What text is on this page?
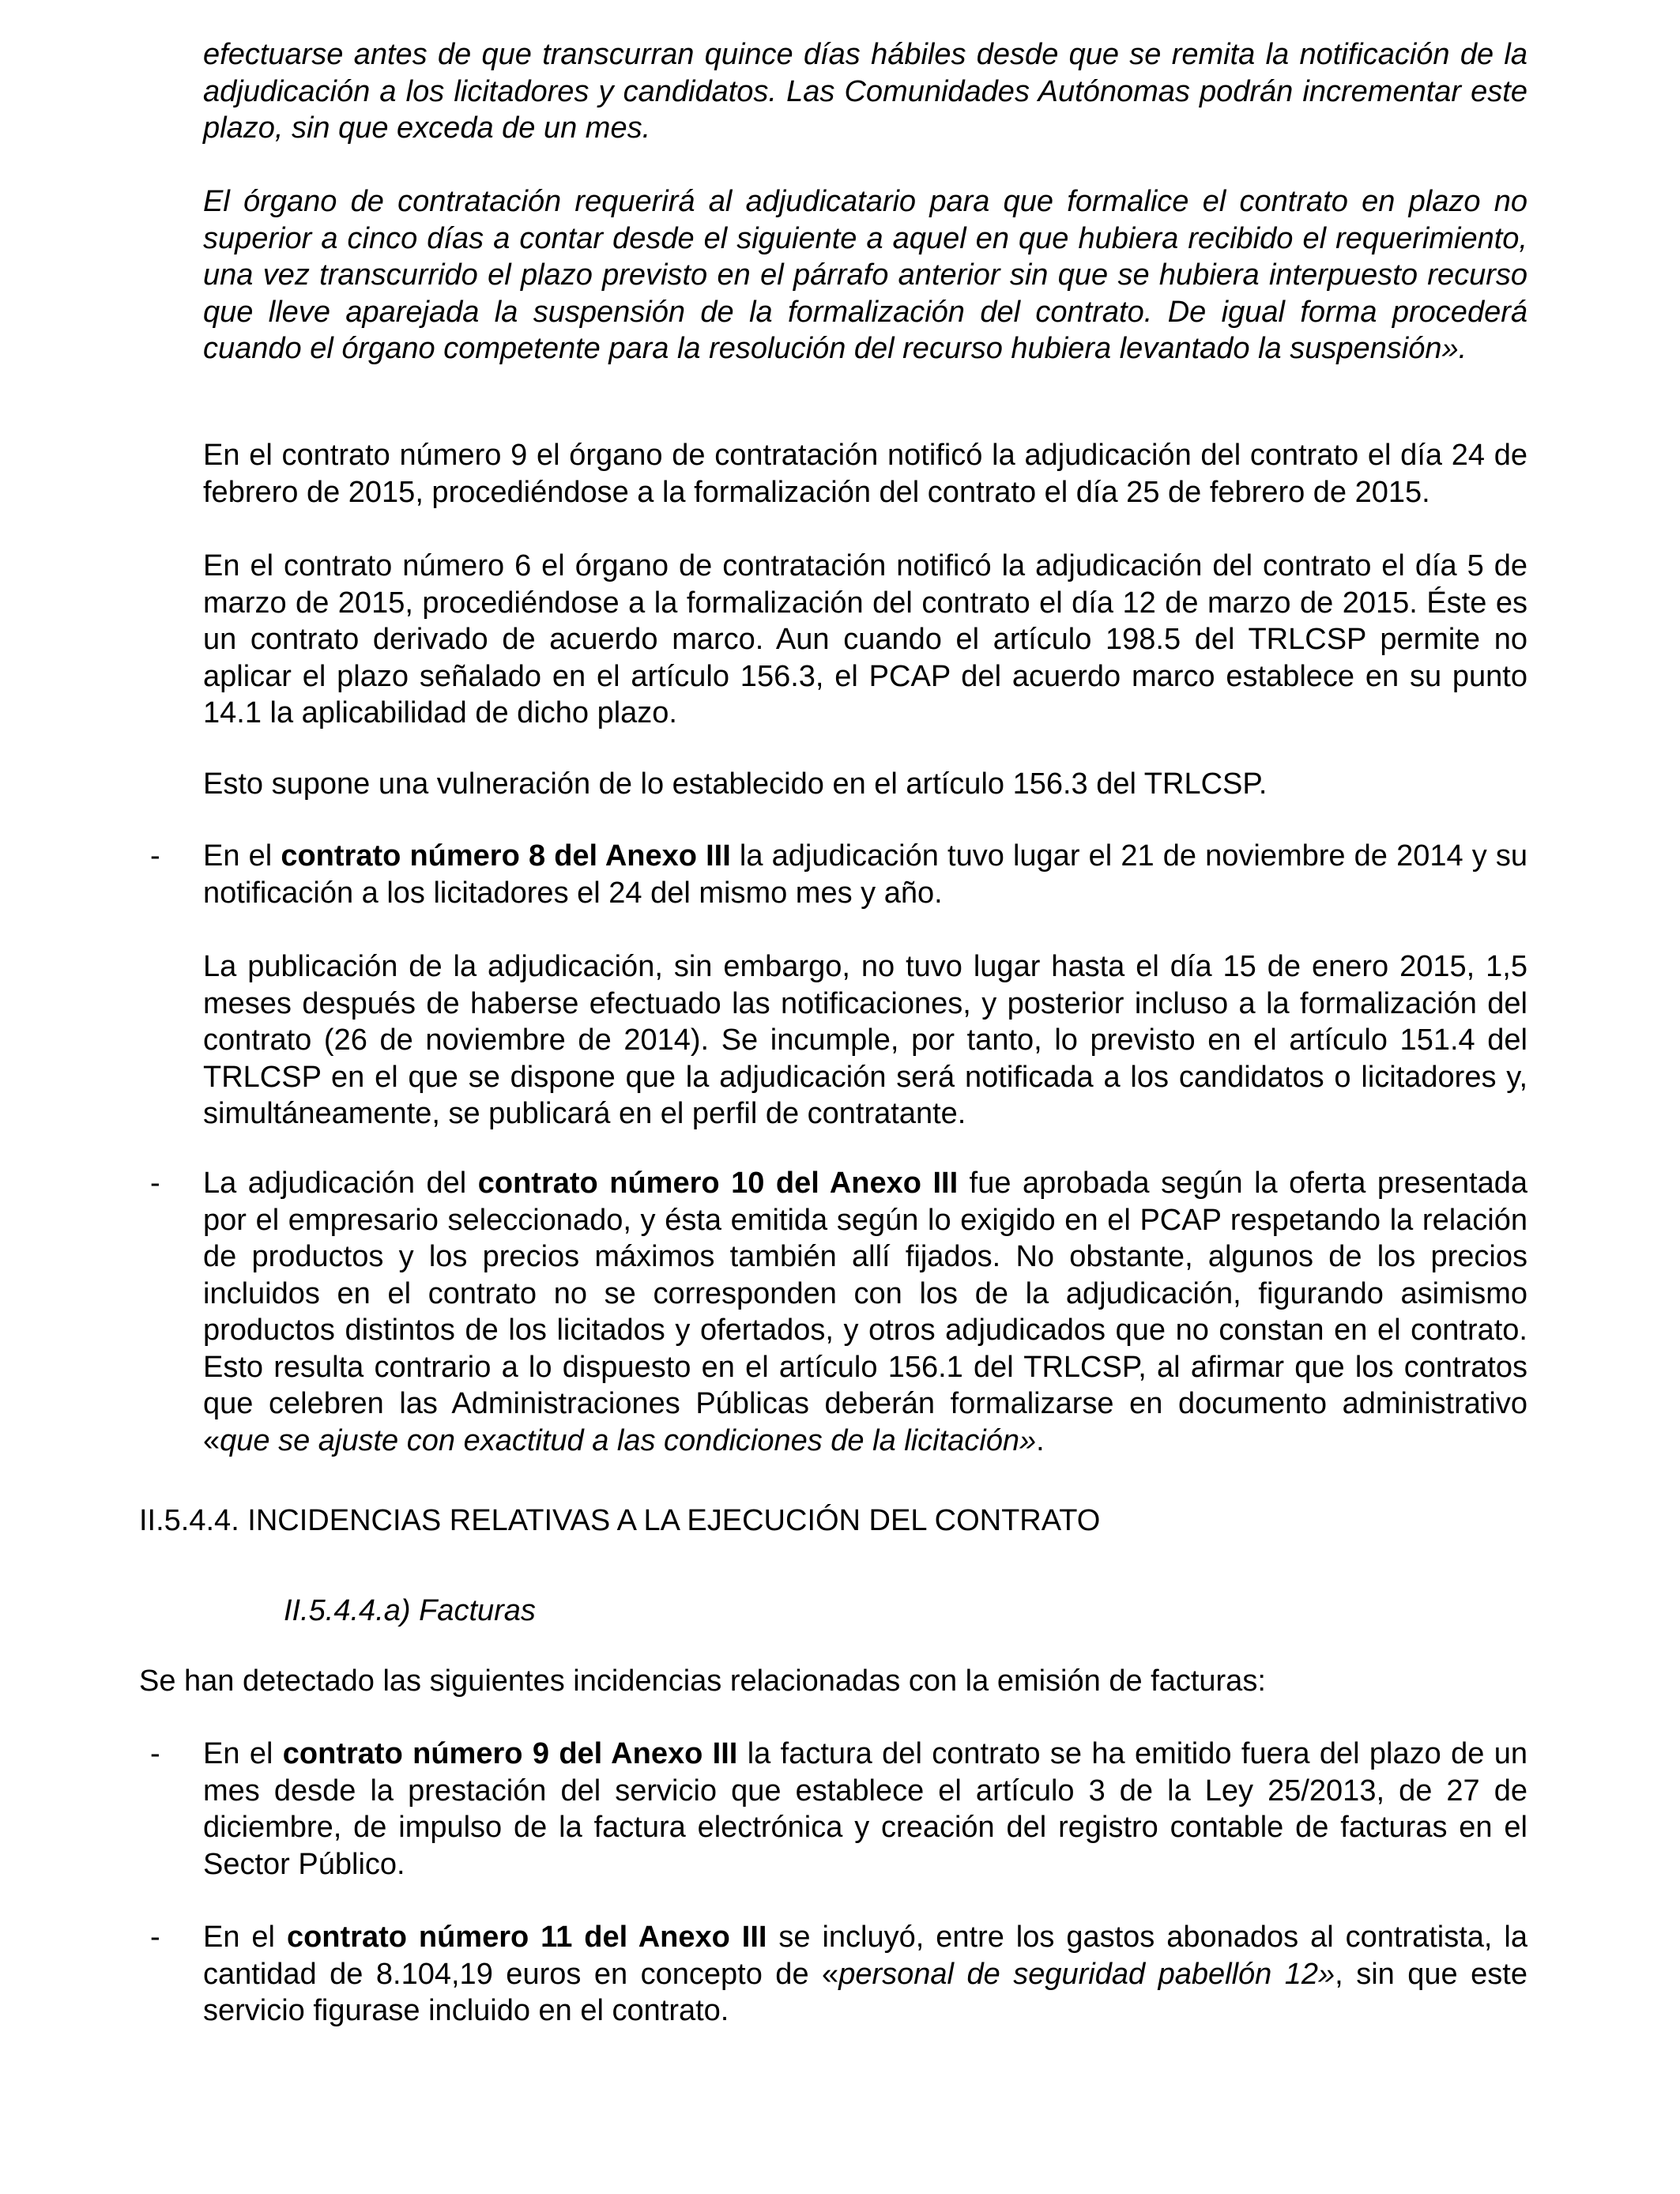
efectuarse antes de que transcurran quince días hábiles desde que se remita la notificación de la adjudicación a los licitadores y candidatos. Las Comunidades Autónomas podrán incrementar este plazo, sin que exceda de un mes.

El órgano de contratación requerirá al adjudicatario para que formalice el contrato en plazo no superior a cinco días a contar desde el siguiente a aquel en que hubiera recibido el requerimiento, una vez transcurrido el plazo previsto en el párrafo anterior sin que se hubiera interpuesto recurso que lleve aparejada la suspensión de la formalización del contrato. De igual forma procederá cuando el órgano competente para la resolución del recurso hubiera levantado la suspensión».

En el contrato número 9 el órgano de contratación notificó la adjudicación del contrato el día 24 de febrero de 2015, procediéndose a la formalización del contrato el día 25 de febrero de 2015.

En el contrato número 6 el órgano de contratación notificó la adjudicación del contrato el día 5 de marzo de 2015, procediéndose a la formalización del contrato el día 12 de marzo de 2015. Éste es un contrato derivado de acuerdo marco. Aun cuando el artículo 198.5 del TRLCSP permite no aplicar el plazo señalado en el artículo 156.3, el PCAP del acuerdo marco establece en su punto 14.1 la aplicabilidad de dicho plazo.

Esto supone una vulneración de lo establecido en el artículo 156.3 del TRLCSP.

-	En el contrato número 8 del Anexo III la adjudicación tuvo lugar el 21 de noviembre de 2014 y su notificación a los licitadores el 24 del mismo mes y año.

La publicación de la adjudicación, sin embargo, no tuvo lugar hasta el día 15 de enero 2015, 1,5 meses después de haberse efectuado las notificaciones, y posterior incluso a la formalización del contrato (26 de noviembre de 2014). Se incumple, por tanto, lo previsto en el artículo 151.4 del TRLCSP en el que se dispone que la adjudicación será notificada a los candidatos o licitadores y, simultáneamente, se publicará en el perfil de contratante.

-	La adjudicación del contrato número 10 del Anexo III fue aprobada según la oferta presentada por el empresario seleccionado, y ésta emitida según lo exigido en el PCAP respetando la relación de productos y los precios máximos también allí fijados. No obstante, algunos de los precios incluidos en el contrato no se corresponden con los de la adjudicación, figurando asimismo productos distintos de los licitados y ofertados, y otros adjudicados que no constan en el contrato. Esto resulta contrario a lo dispuesto en el artículo 156.1 del TRLCSP, al afirmar que los contratos que celebren las Administraciones Públicas deberán formalizarse en documento administrativo «que se ajuste con exactitud a las condiciones de la licitación».

II.5.4.4. INCIDENCIAS RELATIVAS A LA EJECUCIÓN DEL CONTRATO

II.5.4.4.a) Facturas

Se han detectado las siguientes incidencias relacionadas con la emisión de facturas:

-	En el contrato número 9 del Anexo III la factura del contrato se ha emitido fuera del plazo de un mes desde la prestación del servicio que establece el artículo 3 de la Ley 25/2013, de 27 de diciembre, de impulso de la factura electrónica y creación del registro contable de facturas en el Sector Público.

-	En el contrato número 11 del Anexo III se incluyó, entre los gastos abonados al contratista, la cantidad de 8.104,19 euros en concepto de «personal de seguridad pabellón 12», sin que este servicio figurase incluido en el contrato.
